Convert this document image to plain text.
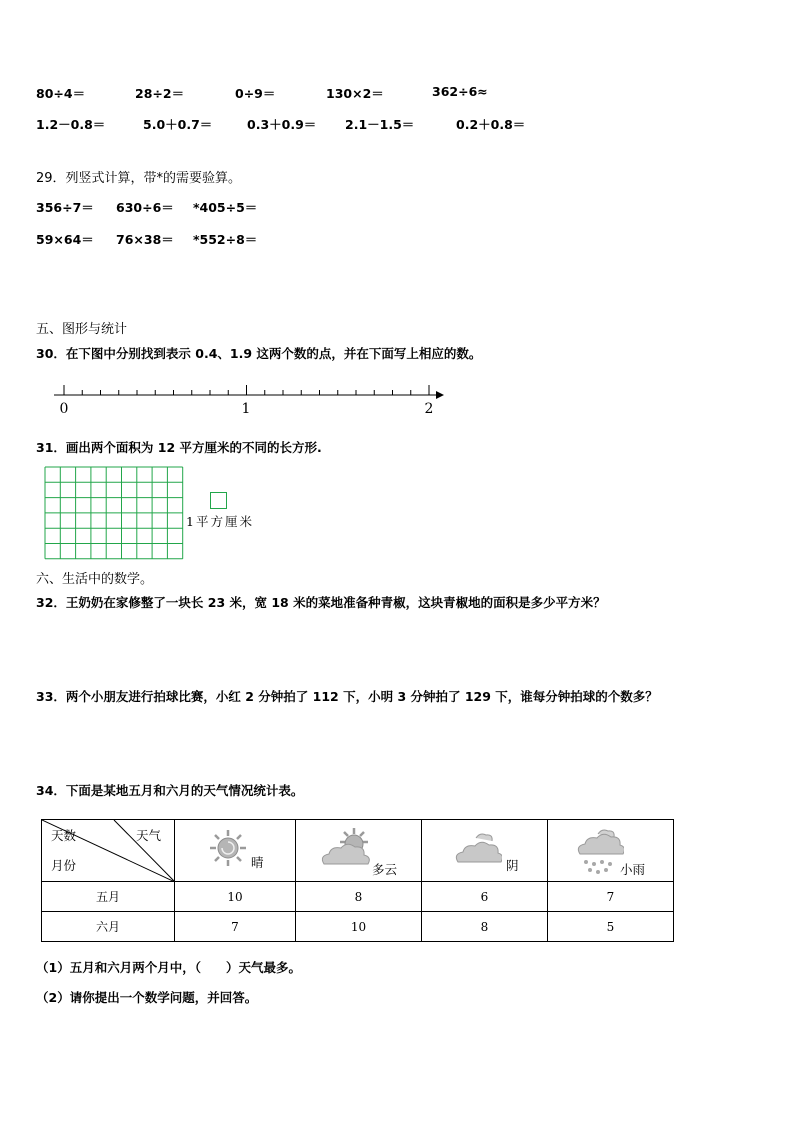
80÷4＝	28÷2＝	0÷9＝	130×2＝	362÷6≈
1.2－0.8＝	5.0＋0.7＝	0.3＋0.9＝ 2.1－1.5＝	0.2＋0.8＝
29．列竖式计算，带*的需要验算。
356÷7＝ 630÷6＝ *405÷5＝
59×64＝ 76×38＝ *552÷8＝
五、图形与统计
30．在下图中分别找到表示 0.4、1.9 这两个数的点，并在下面写上相应的数。
0	1	2
31．画出两个面积为 12 平方厘米的不同的长方形.
1平方厘米
六、生活中的数学。
32．王奶奶在家修整了一块长 23 米，宽 18 米的菜地准备种青椒，这块青椒地的面积是多少平方米？
33．两个小朋友进行拍球比赛，小红 2 分钟拍了 112 下，小明 3 分钟拍了 129 下，谁每分钟拍球的个数多？
34．下面是某地五月和六月的天气情况统计表。
天数 天气
月份	晴	多云	阴	小雨

五月	10	8	6	7
六月	7	10	8	5
（1）五月和六月两个月中，（　　）天气最多。
（2）请你提出一个数学问题，并回答。
